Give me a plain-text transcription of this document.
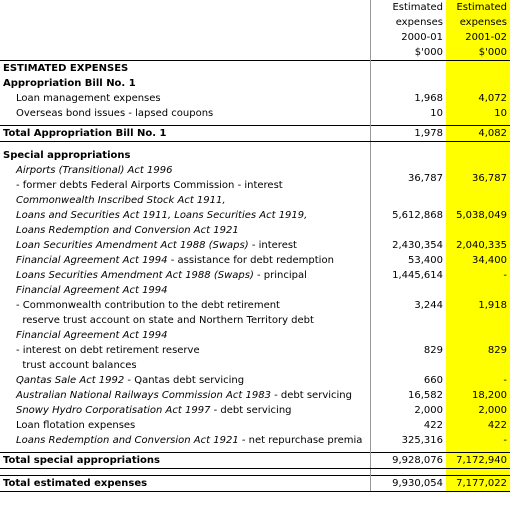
	Estimated	Estimated
	expenses	expenses
	2000-01	2001-02
	$'000	$'000
ESTIMATED EXPENSES		
Appropriation Bill No. 1		
Loan management expenses	1,968	4,072
Overseas bond issues - lapsed coupons	10	10

Total Appropriation Bill No. 1	1,978	4,082

Special appropriations		
Airports (Transitional) Act 1996
- former debts Federal Airports Commission - interest	36,787	36,787
Commonwealth Inscribed Stock Act 1911,
Loans and Securities Act 1911, Loans Securities Act 1919,
Loans Redemption and Conversion Act 1921	5,612,868	5,038,049
Loan Securities Amendment Act 1988 (Swaps) - interest	2,430,354	2,040,335
Financial Agreement Act 1994 - assistance for debt redemption	53,400	34,400
Loans Securities Amendment Act 1988 (Swaps) - principal	1,445,614	-
Financial Agreement Act 1994
- Commonwealth contribution to the debt retirement
reserve trust account on state and Northern Territory debt	3,244	1,918
Financial Agreement Act 1994
- interest on debt retirement reserve
trust account balances	829	829
Qantas Sale Act 1992 - Qantas debt servicing	660	-
Australian National Railways Commission Act 1983 - debt servicing	16,582	18,200
Snowy Hydro Corporatisation Act 1997 - debt servicing	2,000	2,000
Loan flotation expenses	422	422
Loans Redemption and Conversion Act 1921 - net repurchase premia	325,316	-

Total special appropriations	9,928,076	7,172,940

Total estimated expenses	9,930,054	7,177,022
